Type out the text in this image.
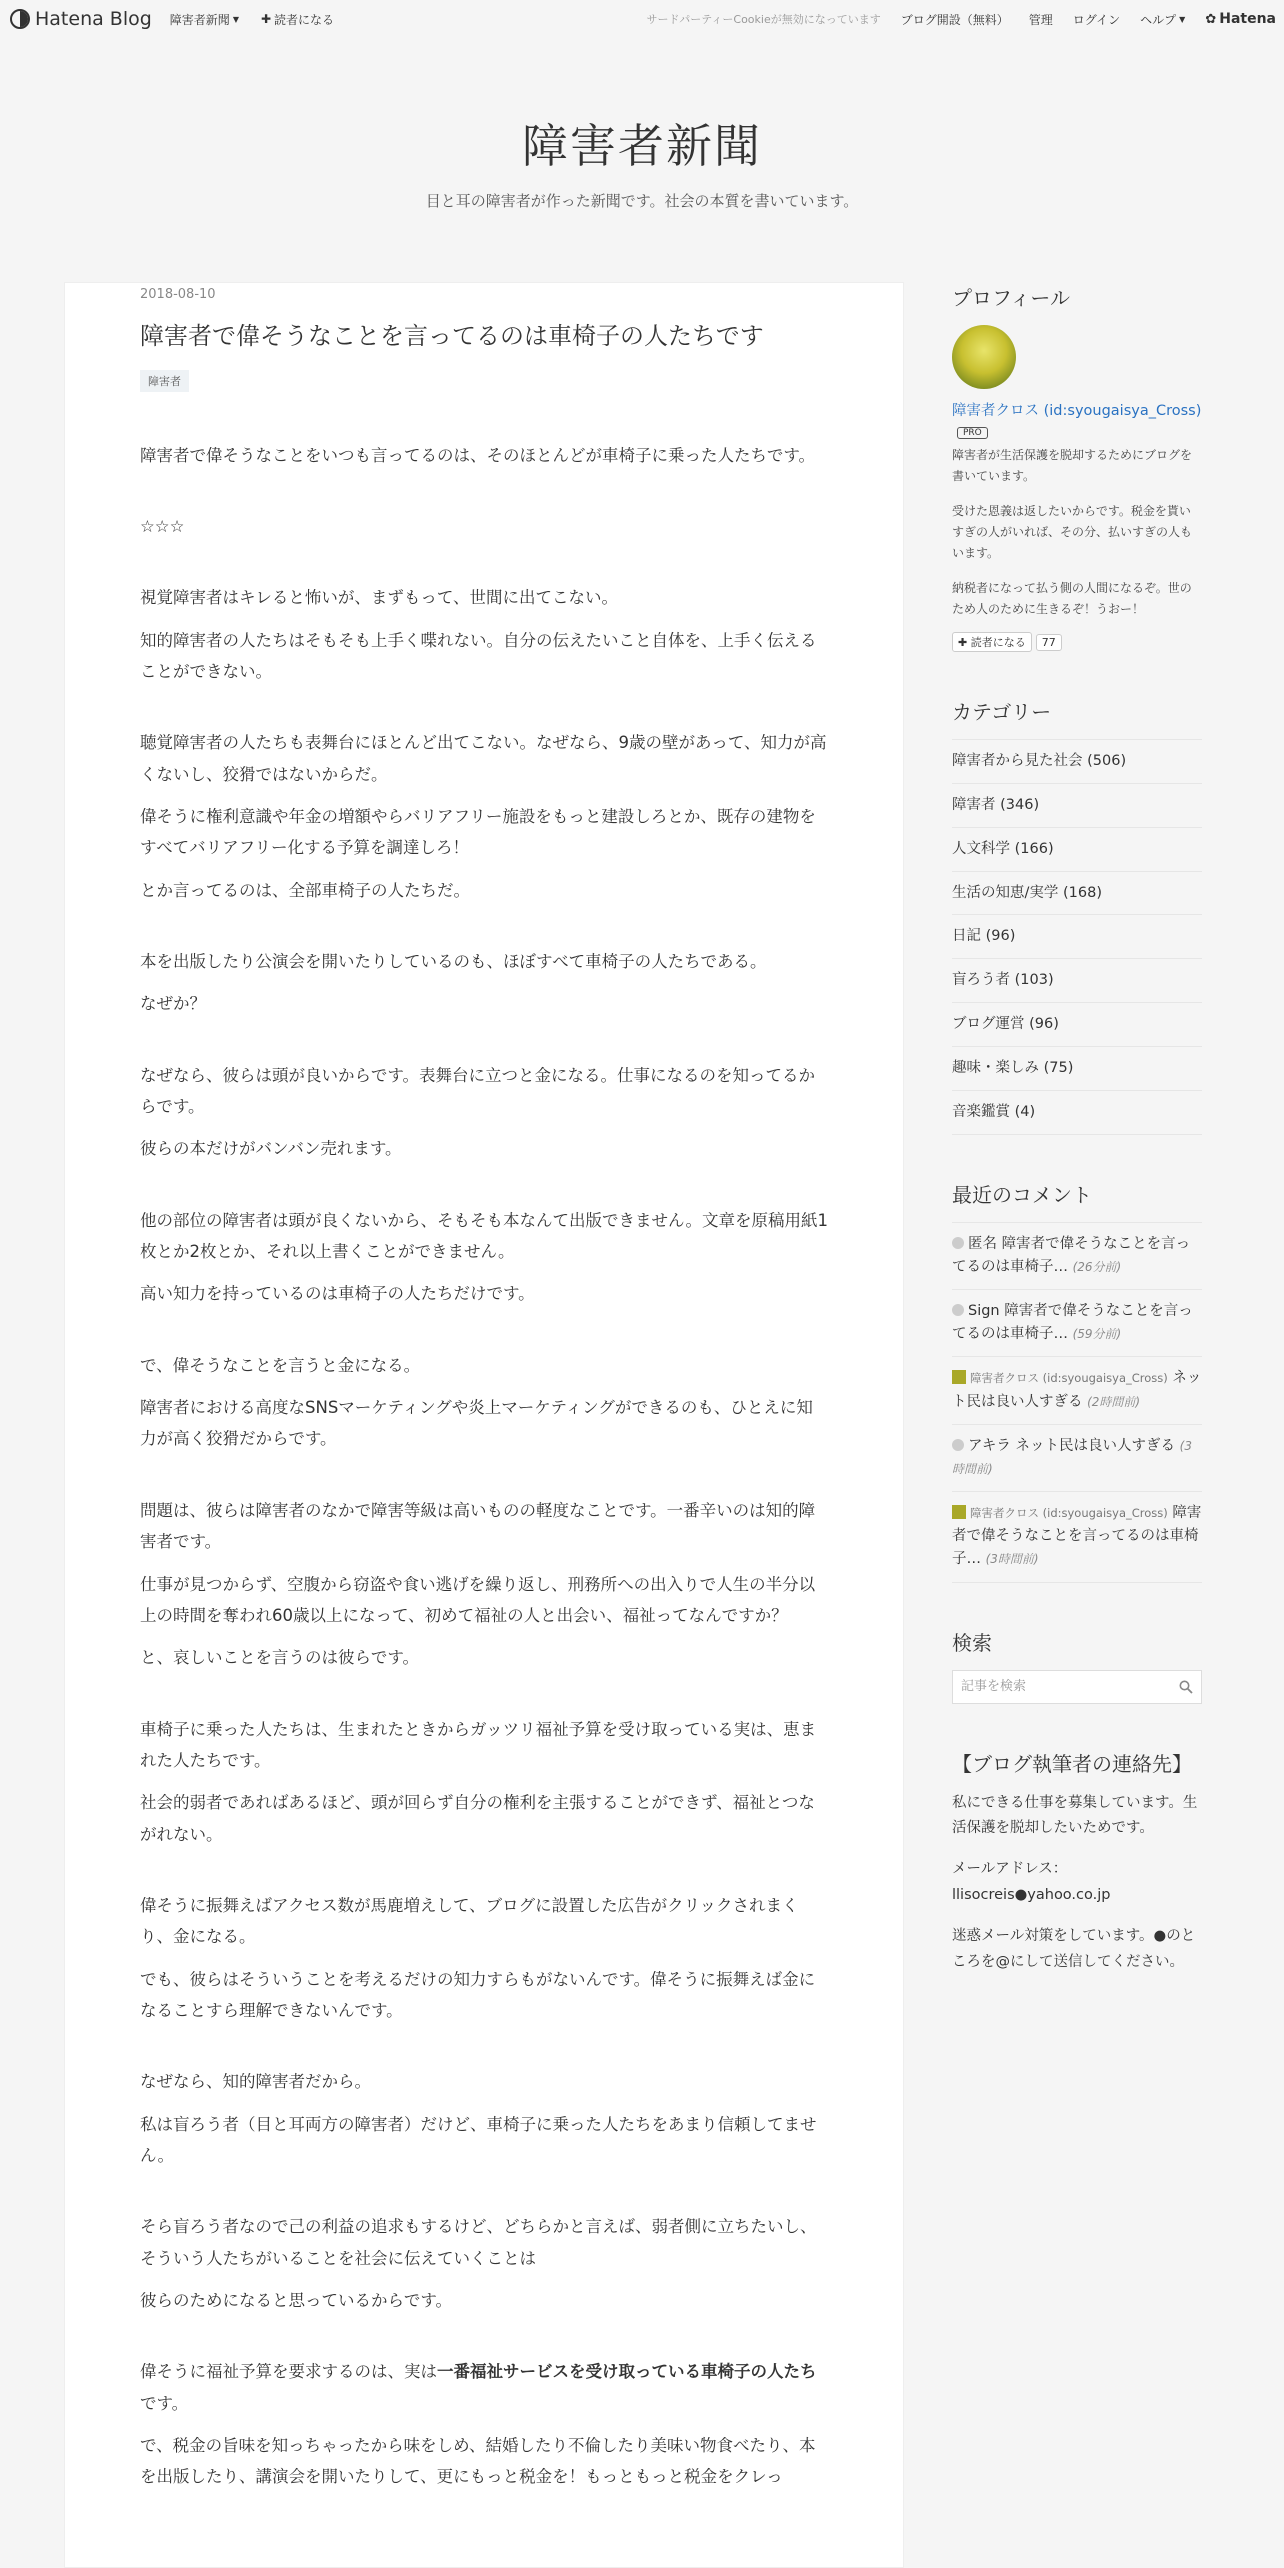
Hatena Blog 障害者新聞 ▼ ✚ 読者になる	サードパーティーCookieが無効になっています ブログ開設（無料） 管理 ログイン ヘルプ ▼ ✿ Hatena
障害者新聞

目と耳の障害者が作った新聞です。社会の本質を書いています。

2018-08-10
障害者で偉そうなことを言ってるのは車椅子の人たちです
障害者

障害者で偉そうなことをいつも言ってるのは、そのほとんどが車椅子に乗った人たちです。

☆☆☆

視覚障害者はキレると怖いが、まずもって、世間に出てこない。

知的障害者の人たちはそもそも上手く喋れない。自分の伝えたいこと自体を、上手く伝えることができない。

聴覚障害者の人たちも表舞台にほとんど出てこない。なぜなら、9歳の壁があって、知力が高くないし、狡猾ではないからだ。

偉そうに権利意識や年金の増額やらバリアフリー施設をもっと建設しろとか、既存の建物をすべてバリアフリー化する予算を調達しろ！

とか言ってるのは、全部車椅子の人たちだ。

本を出版したり公演会を開いたりしているのも、ほぼすべて車椅子の人たちである。

なぜか？

なぜなら、彼らは頭が良いからです。表舞台に立つと金になる。仕事になるのを知ってるからです。

彼らの本だけがバンバン売れます。

他の部位の障害者は頭が良くないから、そもそも本なんて出版できません。文章を原稿用紙1枚とか2枚とか、それ以上書くことができません。

高い知力を持っているのは車椅子の人たちだけです。

で、偉そうなことを言うと金になる。

障害者における高度なSNSマーケティングや炎上マーケティングができるのも、ひとえに知力が高く狡猾だからです。

問題は、彼らは障害者のなかで障害等級は高いものの軽度なことです。一番辛いのは知的障害者です。

仕事が見つからず、空腹から窃盗や食い逃げを繰り返し、刑務所への出入りで人生の半分以上の時間を奪われ60歳以上になって、初めて福祉の人と出会い、福祉ってなんですか？

と、哀しいことを言うのは彼らです。

車椅子に乗った人たちは、生まれたときからガッツリ福祉予算を受け取っている実は、恵まれた人たちです。

社会的弱者であればあるほど、頭が回らず自分の権利を主張することができず、福祉とつながれない。

偉そうに振舞えばアクセス数が馬鹿増えして、ブログに設置した広告がクリックされまくり、金になる。

でも、彼らはそういうことを考えるだけの知力すらもがないんです。偉そうに振舞えば金になることすら理解できないんです。

なぜなら、知的障害者だから。

私は盲ろう者（目と耳両方の障害者）だけど、車椅子に乗った人たちをあまり信頼してません。

そら盲ろう者なので己の利益の追求もするけど、どちらかと言えば、弱者側に立ちたいし、そういう人たちがいることを社会に伝えていくことは

彼らのためになると思っているからです。

偉そうに福祉予算を要求するのは、実は一番福祉サービスを受け取っている車椅子の人たちです。

で、税金の旨味を知っちゃったから味をしめ、結婚したり不倫したり美味い物食べたり、本を出版したり、講演会を開いたりして、更にもっと税金を！もっともっと税金をクレっ

プロフィール
障害者クロス (id:syougaisya_Cross)
PRO

障害者が生活保護を脱却するためにブログを書いています。

受けた恩義は返したいからです。税金を貰いすぎの人がいれば、その分、払いすぎの人もいます。

納税者になって払う側の人間になるぞ。世のため人のために生きるぞ！うおー！

✚ 読者になる	77
カテゴリー
障害者から見た社会 (506)
障害者 (346)
人文科学 (166)
生活の知恵/実学 (168)
日記 (96)
盲ろう者 (103)
ブログ運営 (96)
趣味・楽しみ (75)
音楽鑑賞 (4)
最近のコメント
匿名 障害者で偉そうなことを言ってるのは車椅子… (26分前)
Sign 障害者で偉そうなことを言ってるのは車椅子… (59分前)
障害者クロス (id:syougaisya_Cross) ネット民は良い人すぎる (2時間前)
アキラ ネット民は良い人すぎる (3時間前)
障害者クロス (id:syougaisya_Cross) 障害者で偉そうなことを言ってるのは車椅子… (3時間前)
検索
記事を検索
【ブログ執筆者の連絡先】

私にできる仕事を募集しています。生活保護を脱却したいためです。

メールアドレス：llisocreis●yahoo.co.jp

迷惑メール対策をしています。●のところを@にして送信してください。
